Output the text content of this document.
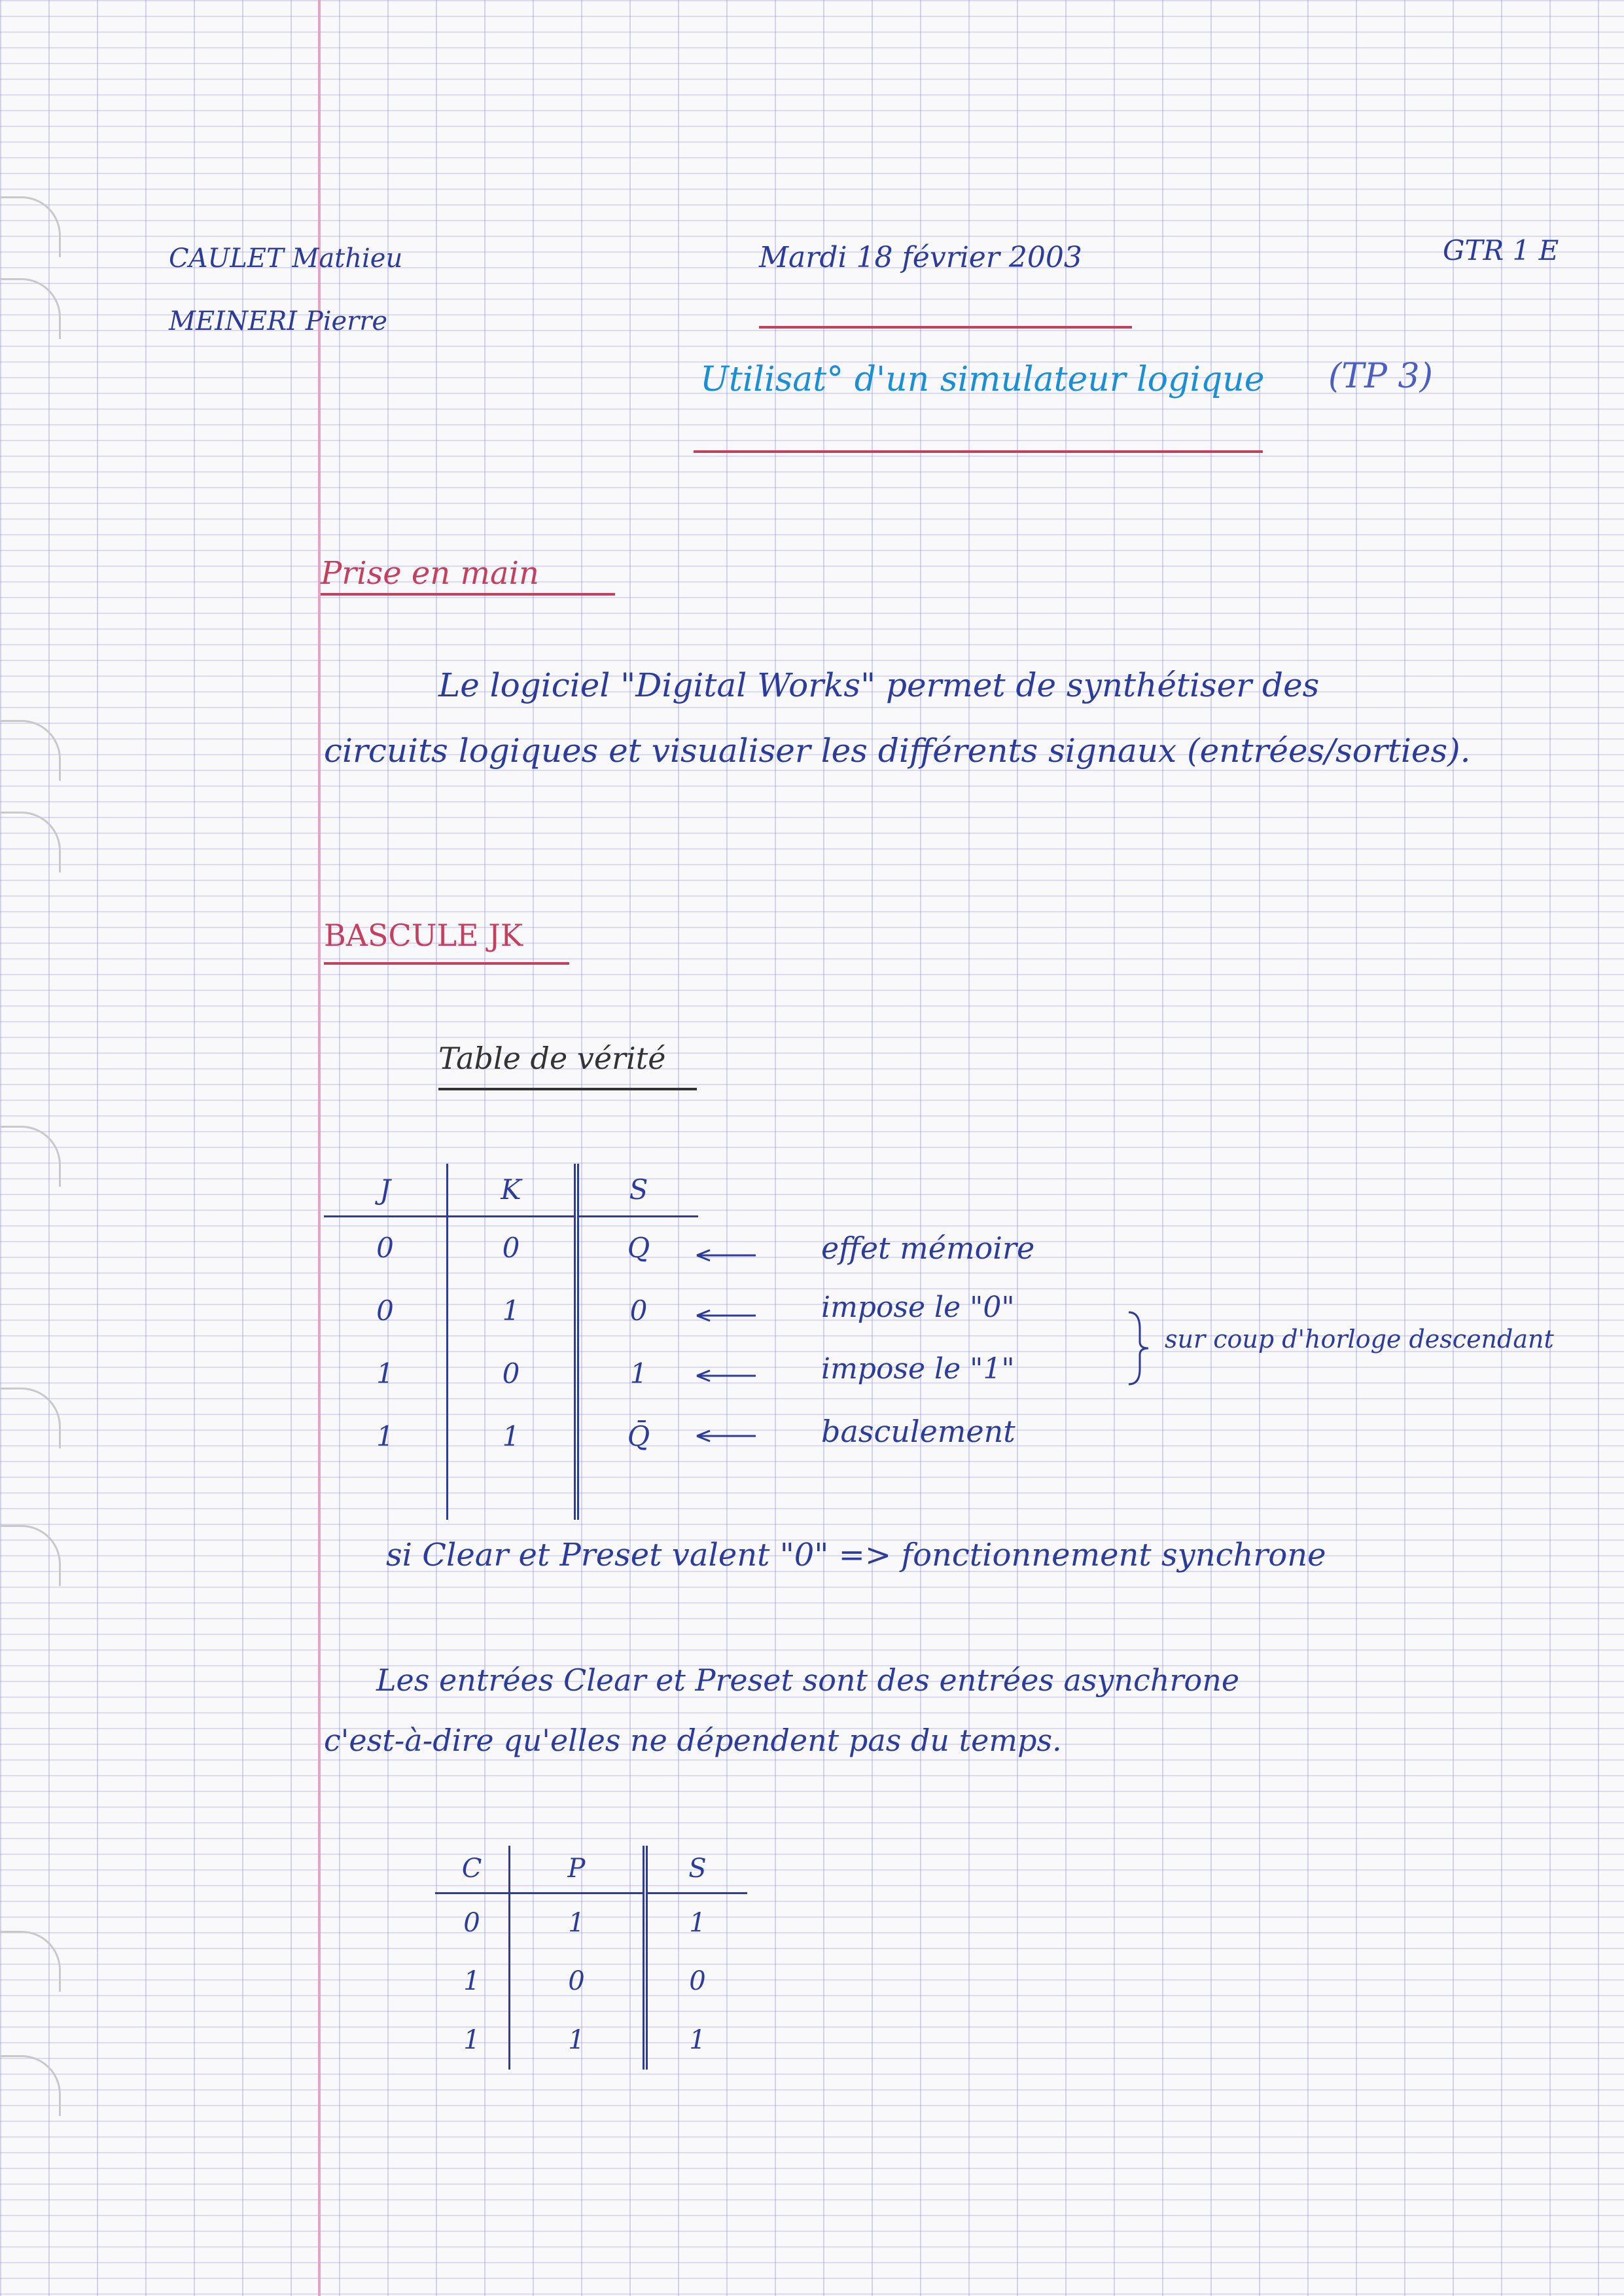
CAULET Mathieu
MEINERI Pierre
Mardi 18 février 2003	GTR 1 E
Utilisat° d'un simulateur logique (TP 3)
Prise en main
Le logiciel "Digital Works" permet de synthétiser des
circuits logiques et visualiser les différents signaux (entrées/sorties).
BASCULE JK
Table de vérité
J	K	S
0	0	Q
0	1	0
1	0	1
1	1	Q̄

effet mémoire
impose le "0"
impose le "1"
basculement
sur coup d'horloge descendant
si Clear et Preset valent "0" => fonctionnement synchrone
Les entrées Clear et Preset sont des entrées asynchrone
c'est-à-dire qu'elles ne dépendent pas du temps.
C	P	S
0	1	1
1	0	0
1	1	1
